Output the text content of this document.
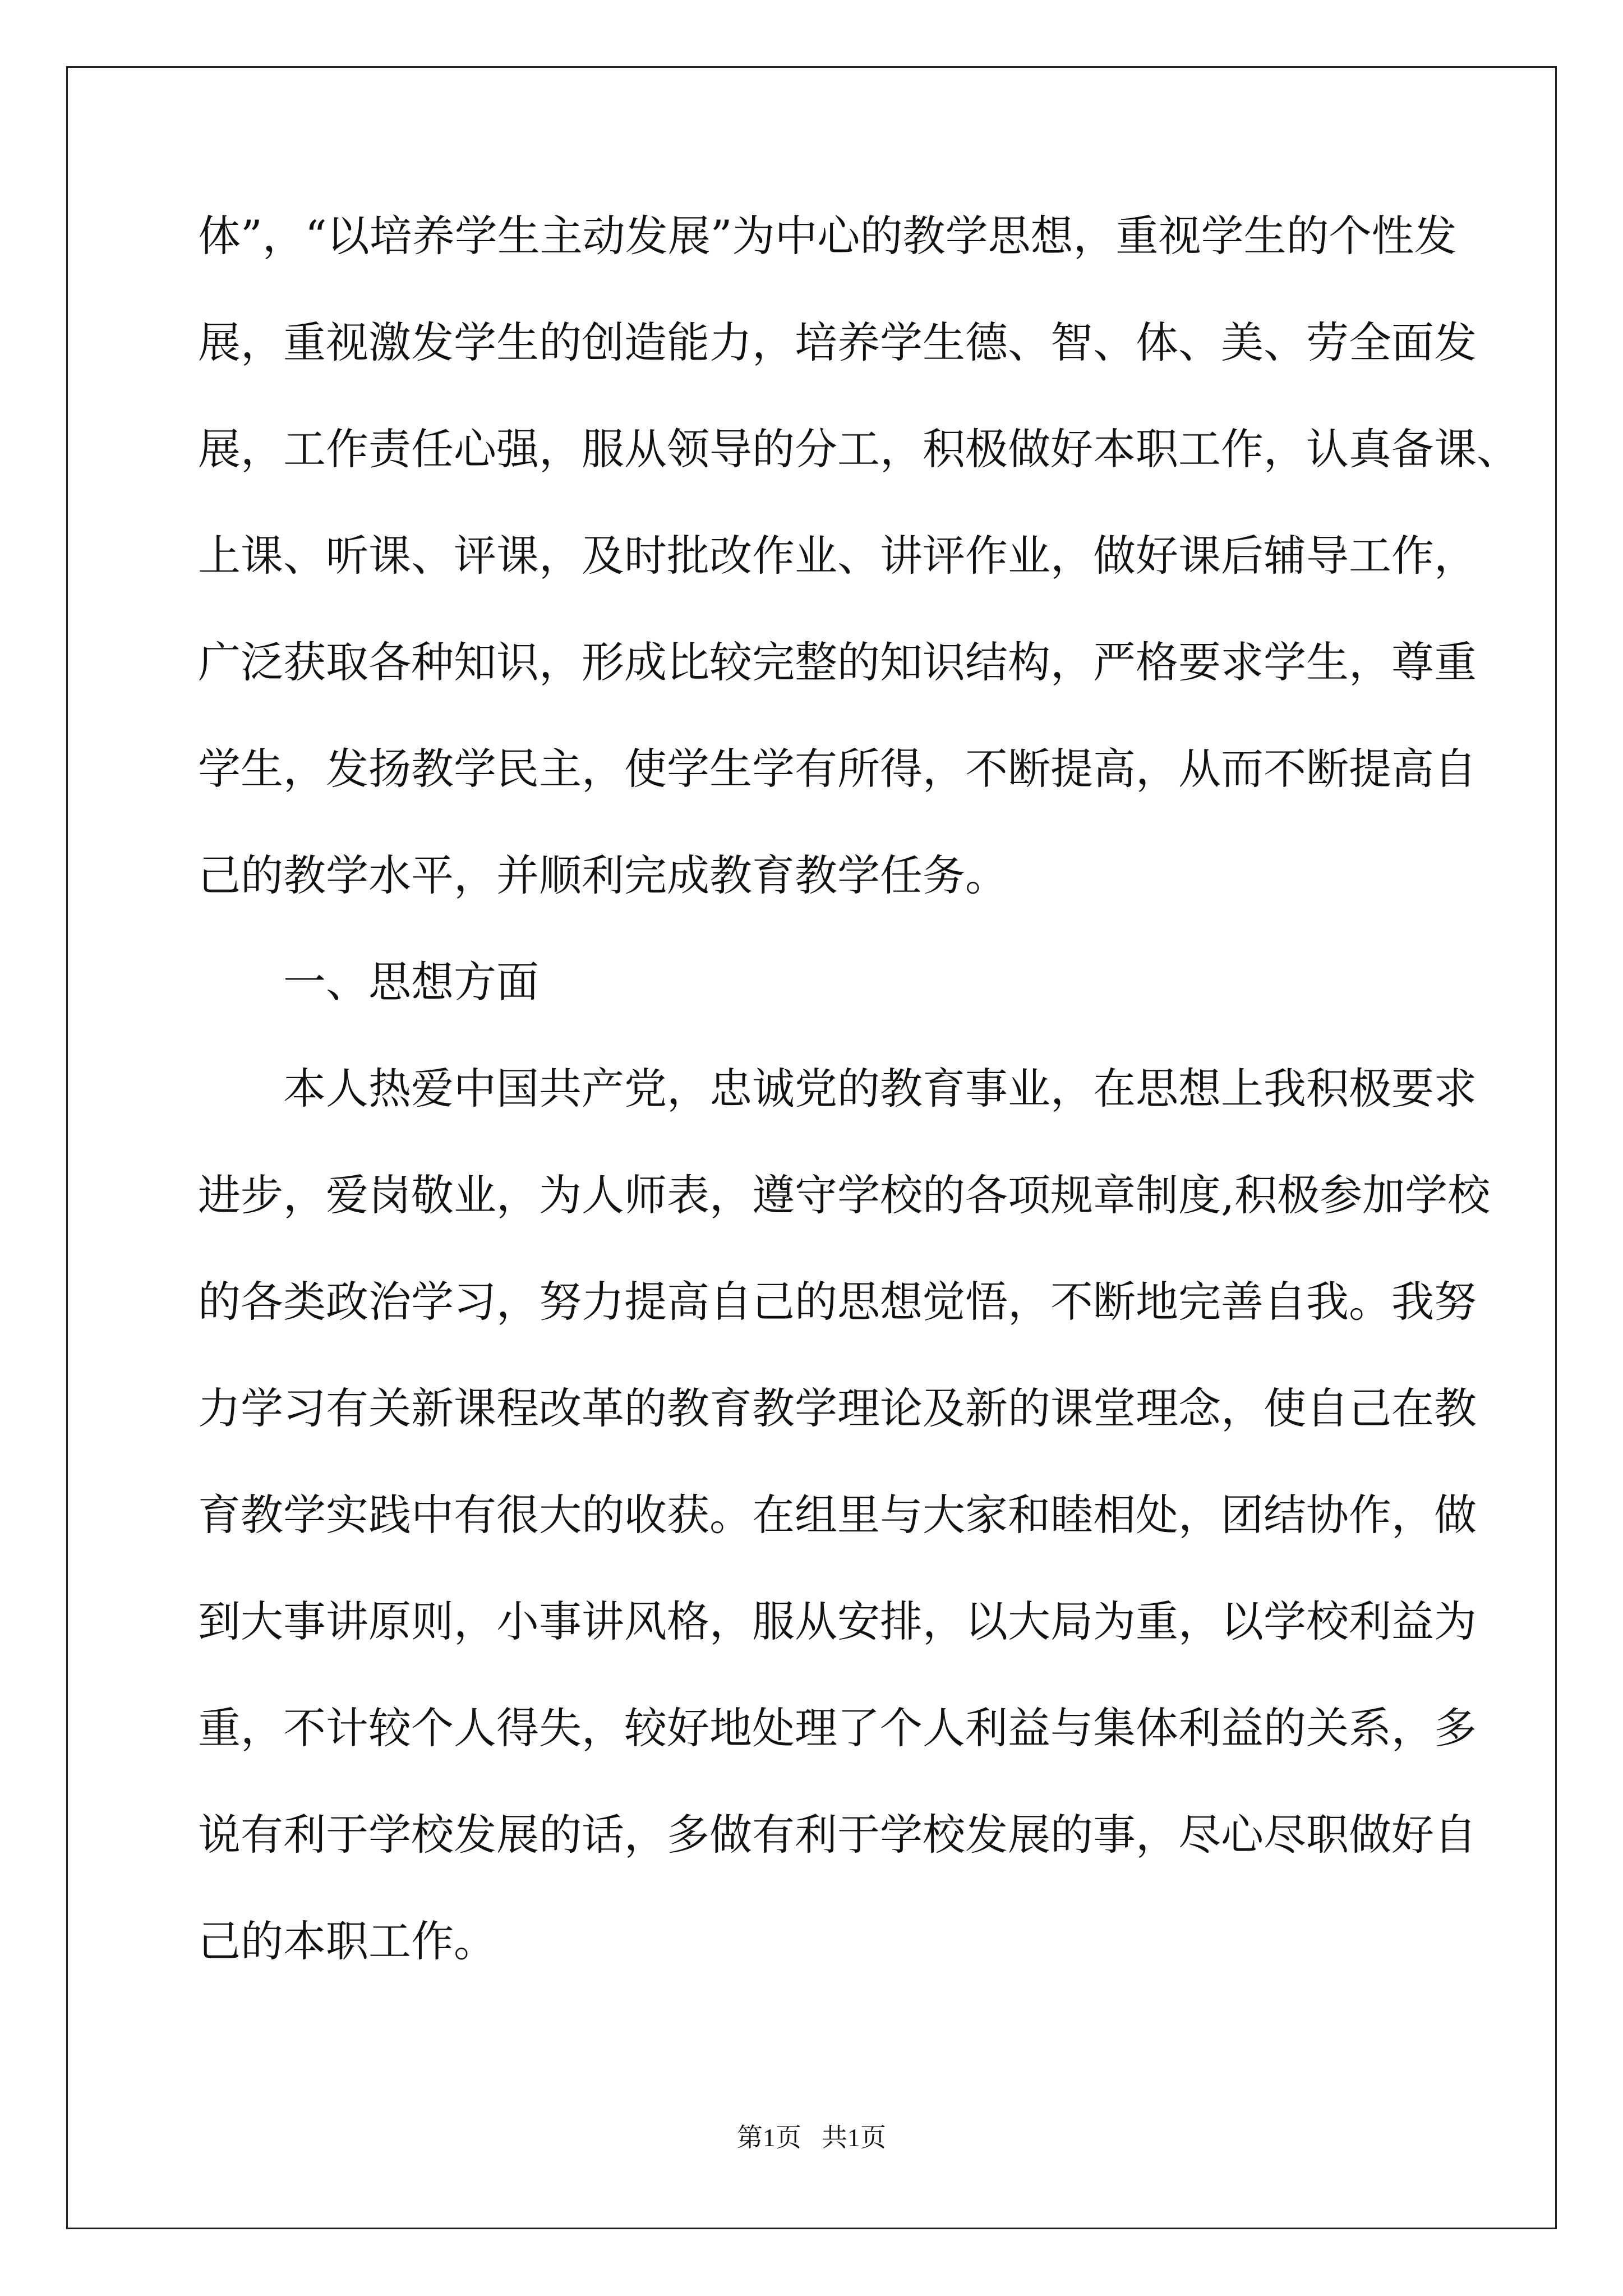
体”，“以培养学生主动发展”为中心的教学思想，重视学生的个性发
展，重视激发学生的创造能力，培养学生德、智、体、美、劳全面发
展，工作责任心强，服从领导的分工，积极做好本职工作，认真备课、
上课、听课、评课，及时批改作业、讲评作业，做好课后辅导工作，
广泛获取各种知识，形成比较完整的知识结构，严格要求学生，尊重
学生，发扬教学民主，使学生学有所得，不断提高，从而不断提高自
己的教学水平，并顺利完成教育教学任务。
一、思想方面
本人热爱中国共产党，忠诚党的教育事业，在思想上我积极要求
进步，爱岗敬业，为人师表，遵守学校的各项规章制度,积极参加学校
的各类政治学习，努力提高自己的思想觉悟，不断地完善自我。我努
力学习有关新课程改革的教育教学理论及新的课堂理念，使自己在教
育教学实践中有很大的收获。在组里与大家和睦相处，团结协作，做
到大事讲原则，小事讲风格，服从安排，以大局为重，以学校利益为
重，不计较个人得失，较好地处理了个人利益与集体利益的关系，多
说有利于学校发展的话，多做有利于学校发展的事，尽心尽职做好自
己的本职工作。
第1页 共1页
